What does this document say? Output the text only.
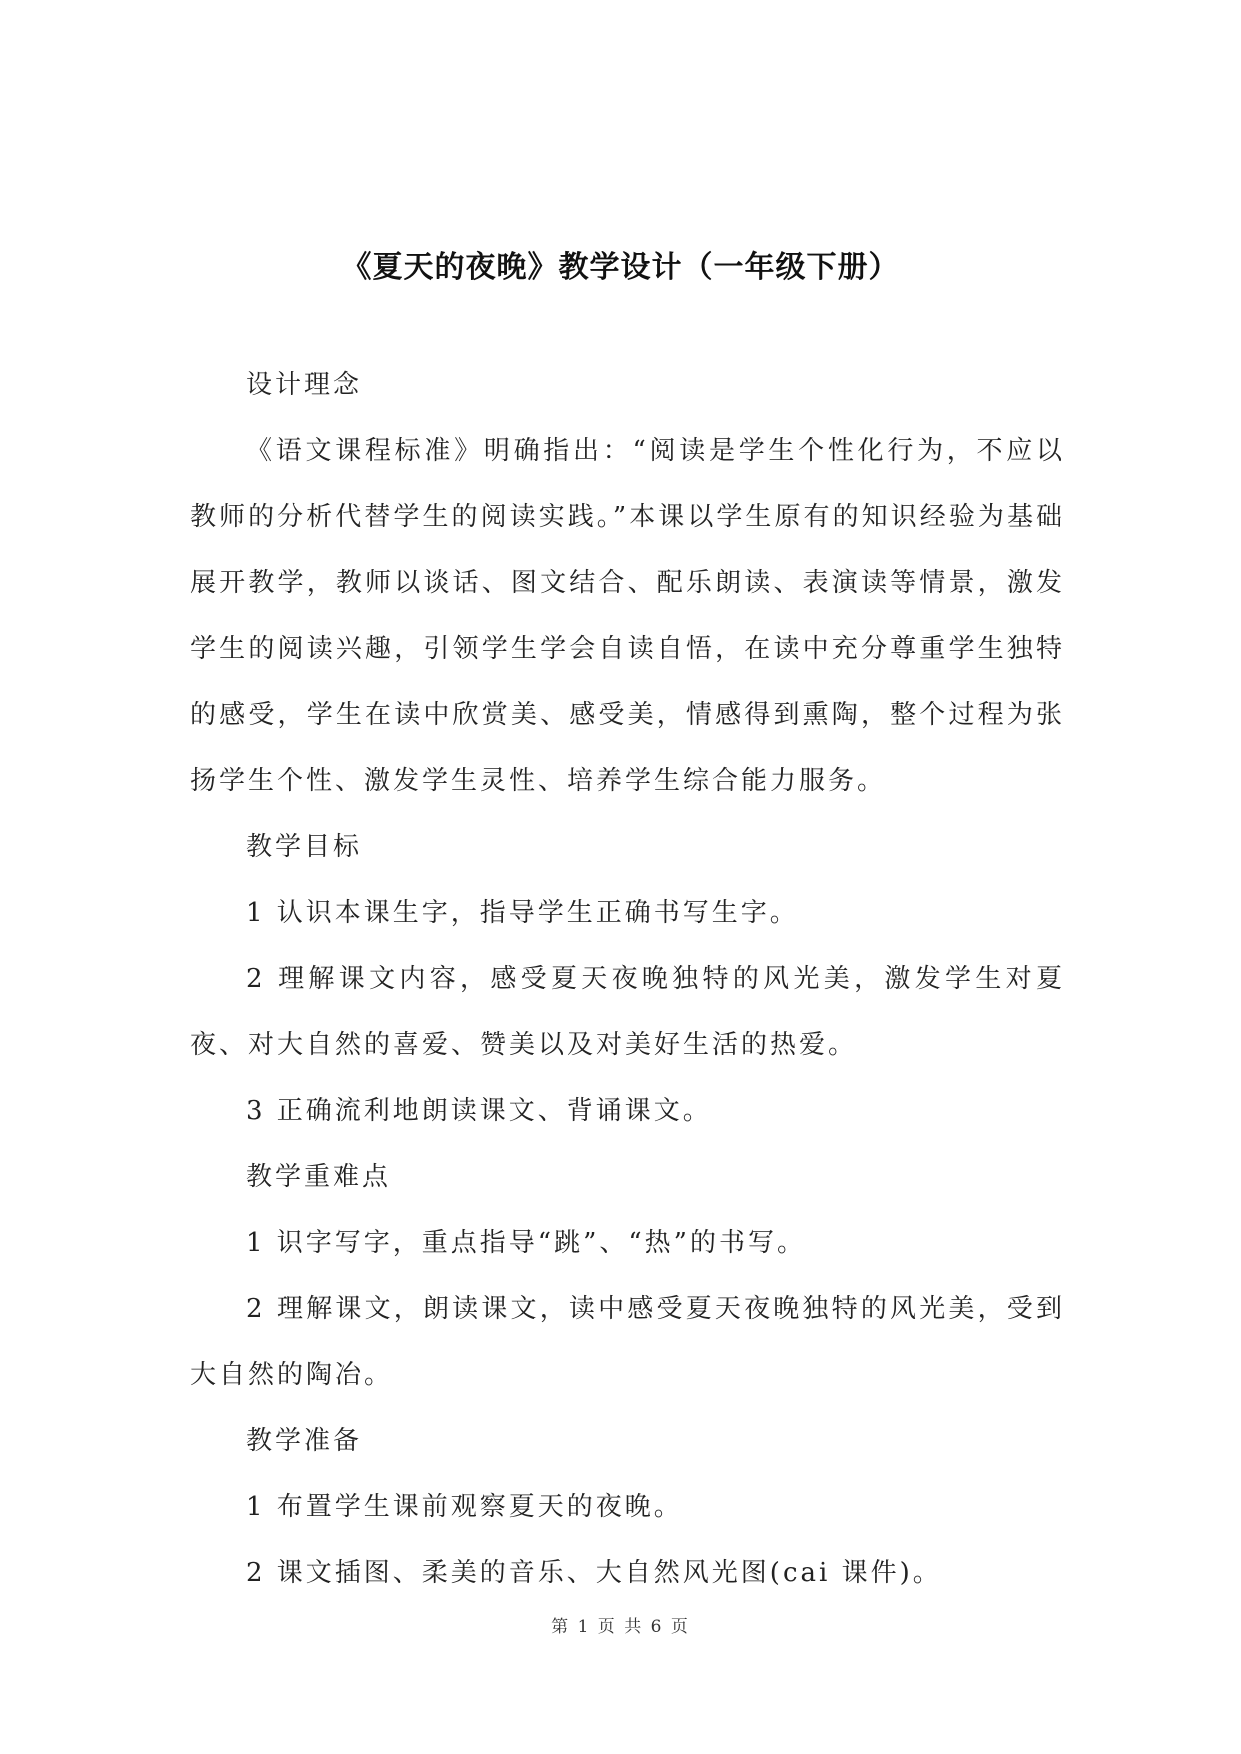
《夏天的夜晚》教学设计（一年级下册）

设计理念

《语文课程标准》明确指出：“阅读是学生个性化行为，不应以教师的分析代替学生的阅读实践。”本课以学生原有的知识经验为基础展开教学，教师以谈话、图文结合、配乐朗读、表演读等情景，激发学生的阅读兴趣，引领学生学会自读自悟，在读中充分尊重学生独特的感受，学生在读中欣赏美、感受美，情感得到熏陶，整个过程为张扬学生个性、激发学生灵性、培养学生综合能力服务。

教学目标

1 认识本课生字，指导学生正确书写生字。

2 理解课文内容，感受夏天夜晚独特的风光美，激发学生对夏夜、对大自然的喜爱、赞美以及对美好生活的热爱。

3 正确流利地朗读课文、背诵课文。

教学重难点

1 识字写字，重点指导“跳”、“热”的书写。

2 理解课文，朗读课文，读中感受夏天夜晚独特的风光美，受到大自然的陶冶。

教学准备

1 布置学生课前观察夏天的夜晚。

2 课文插图、柔美的音乐、大自然风光图(cai 课件)。

第 1 页 共 6 页
